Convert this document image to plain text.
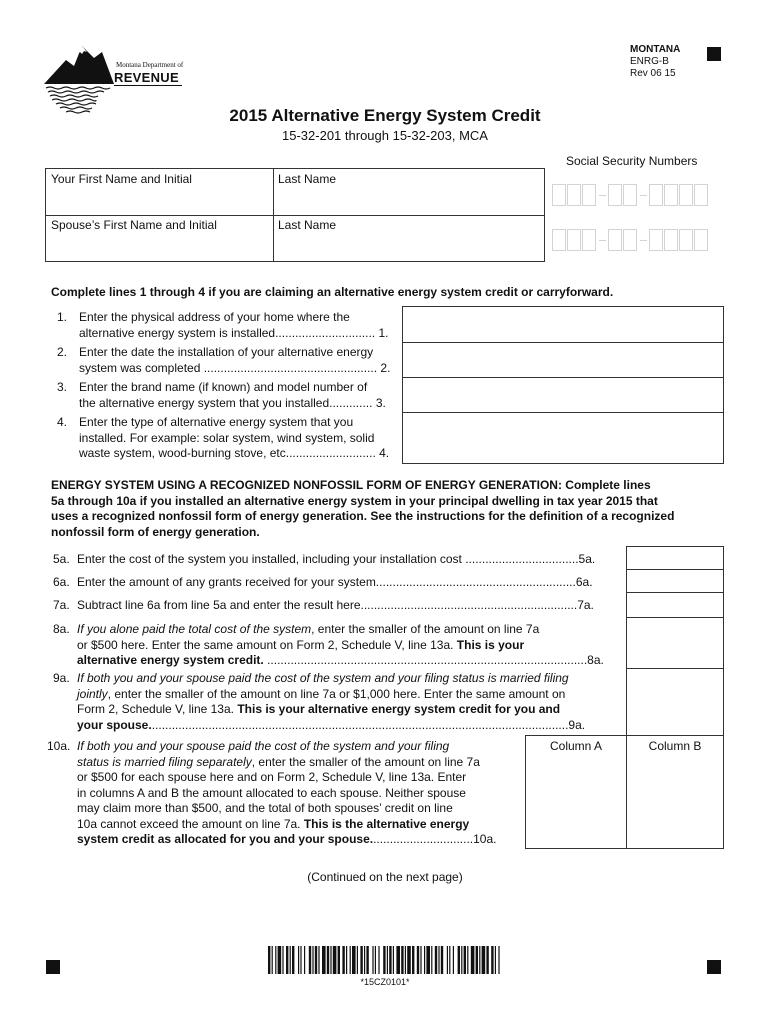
Montana Department of
REVENUE
MONTANA
ENRG-B
Rev 06 15
2015 Alternative Energy System Credit
15-32-201 through 15-32-203, MCA
Social Security Numbers
Your First Name and Initial	Last Name
Spouse’s First Name and Initial	Last Name
Complete lines 1 through 4 if you are claiming an alternative energy system credit or carryforward.
1. Enter the physical address of your home where the
alternative energy system is installed.............................. 1.
2. Enter the date the installation of your alternative energy
system was completed .................................................... 2.
3. Enter the brand name (if known) and model number of
the alternative energy system that you installed............. 3.
4. Enter the type of alternative energy system that you
installed. For example: solar system, wind system, solid
waste system, wood-burning stove, etc........................... 4.
ENERGY SYSTEM USING A RECOGNIZED NONFOSSIL FORM OF ENERGY GENERATION: Complete lines
5a through 10a if you installed an alternative energy system in your principal dwelling in tax year 2015 that
uses a recognized nonfossil form of energy generation. See the instructions for the definition of a recognized
nonfossil form of energy generation.
5a. Enter the cost of the system you installed, including your installation cost ..................................5a.
6a. Enter the amount of any grants received for your system............................................................6a.
7a. Subtract line 6a from line 5a and enter the result here.................................................................7a.
8a. If you alone paid the total cost of the system, enter the smaller of the amount on line 7a
or $500 here. Enter the same amount on Form 2, Schedule V, line 13a. This is your
alternative energy system credit. ................................................................................................8a.
9a. If both you and your spouse paid the cost of the system and your filing status is married filing
jointly, enter the smaller of the amount on line 7a or $1,000 here. Enter the same amount on
Form 2, Schedule V, line 13a. This is your alternative energy system credit for you and
your spouse..............................................................................................................................9a.
10a. If both you and your spouse paid the cost of the system and your filing
status is married filing separately, enter the smaller of the amount on line 7a
or $500 for each spouse here and on Form 2, Schedule V, line 13a. Enter
in columns A and B the amount allocated to each spouse. Neither spouse
may claim more than $500, and the total of both spouses’ credit on line
10a cannot exceed the amount on line 7a. This is the alternative energy
system credit as allocated for you and your spouse...............................10a.
Column A	Column B
(Continued on the next page)
*15CZ0101*
